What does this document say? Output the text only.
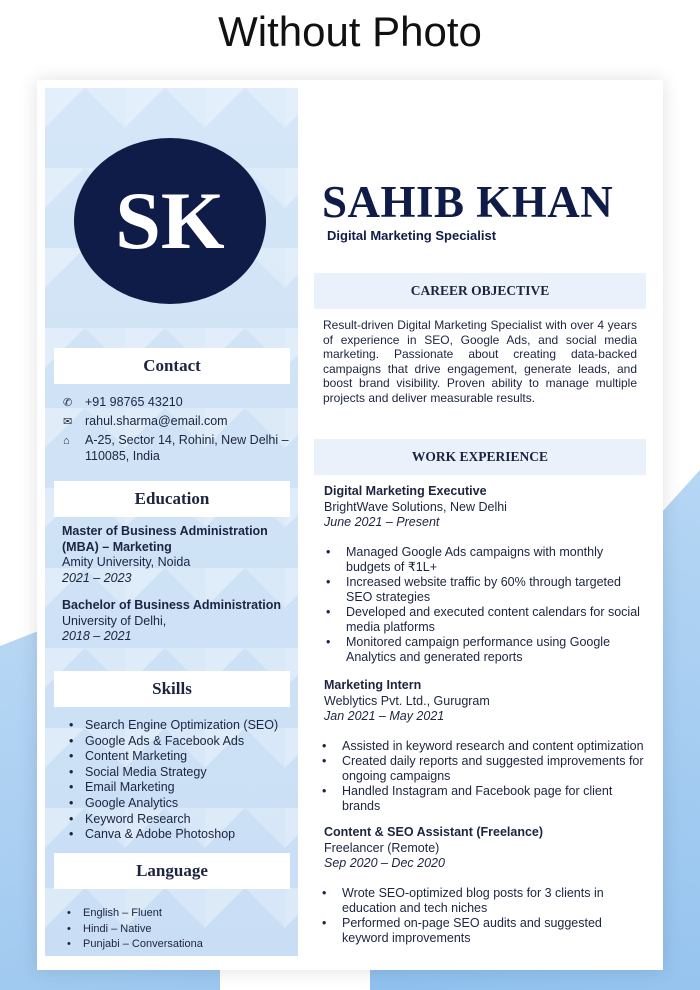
Without Photo
SK
Contact
✆	+91 98765 43210
✉	rahul.sharma@email.com
⌂	A-25, Sector 14, Rohini, New Delhi –
110085, India
Education
Master of Business Administration
(MBA) – Marketing
Amity University, Noida
2021 – 2023
Bachelor of Business Administration
University of Delhi,
2018 – 2021
Skills
• Search Engine Optimization (SEO)
• Google Ads & Facebook Ads
• Content Marketing
• Social Media Strategy
• Email Marketing
• Google Analytics
• Keyword Research
• Canva & Adobe Photoshop
Language
• English – Fluent
• Hindi – Native
• Punjabi – Conversationa
SAHIB KHAN
Digital Marketing Specialist
CAREER OBJECTIVE
Result-driven Digital Marketing Specialist with over 4 years of experience in SEO, Google Ads, and social media marketing. Passionate about creating data-backed campaigns that drive engagement, generate leads, and boost brand visibility. Proven ability to manage multiple projects and deliver measurable results.
WORK EXPERIENCE
Digital Marketing Executive
BrightWave Solutions, New Delhi
June 2021 – Present
• Managed Google Ads campaigns with monthly
budgets of ₹1L+
• Increased website traffic by 60% through targeted
SEO strategies
• Developed and executed content calendars for social
media platforms
• Monitored campaign performance using Google
Analytics and generated reports
Marketing Intern
Weblytics Pvt. Ltd., Gurugram
Jan 2021 – May 2021
• Assisted in keyword research and content optimization
• Created daily reports and suggested improvements for
ongoing campaigns
• Handled Instagram and Facebook page for client
brands
Content & SEO Assistant (Freelance)
Freelancer (Remote)
Sep 2020 – Dec 2020
• Wrote SEO-optimized blog posts for 3 clients in
education and tech niches
• Performed on-page SEO audits and suggested
keyword improvements
